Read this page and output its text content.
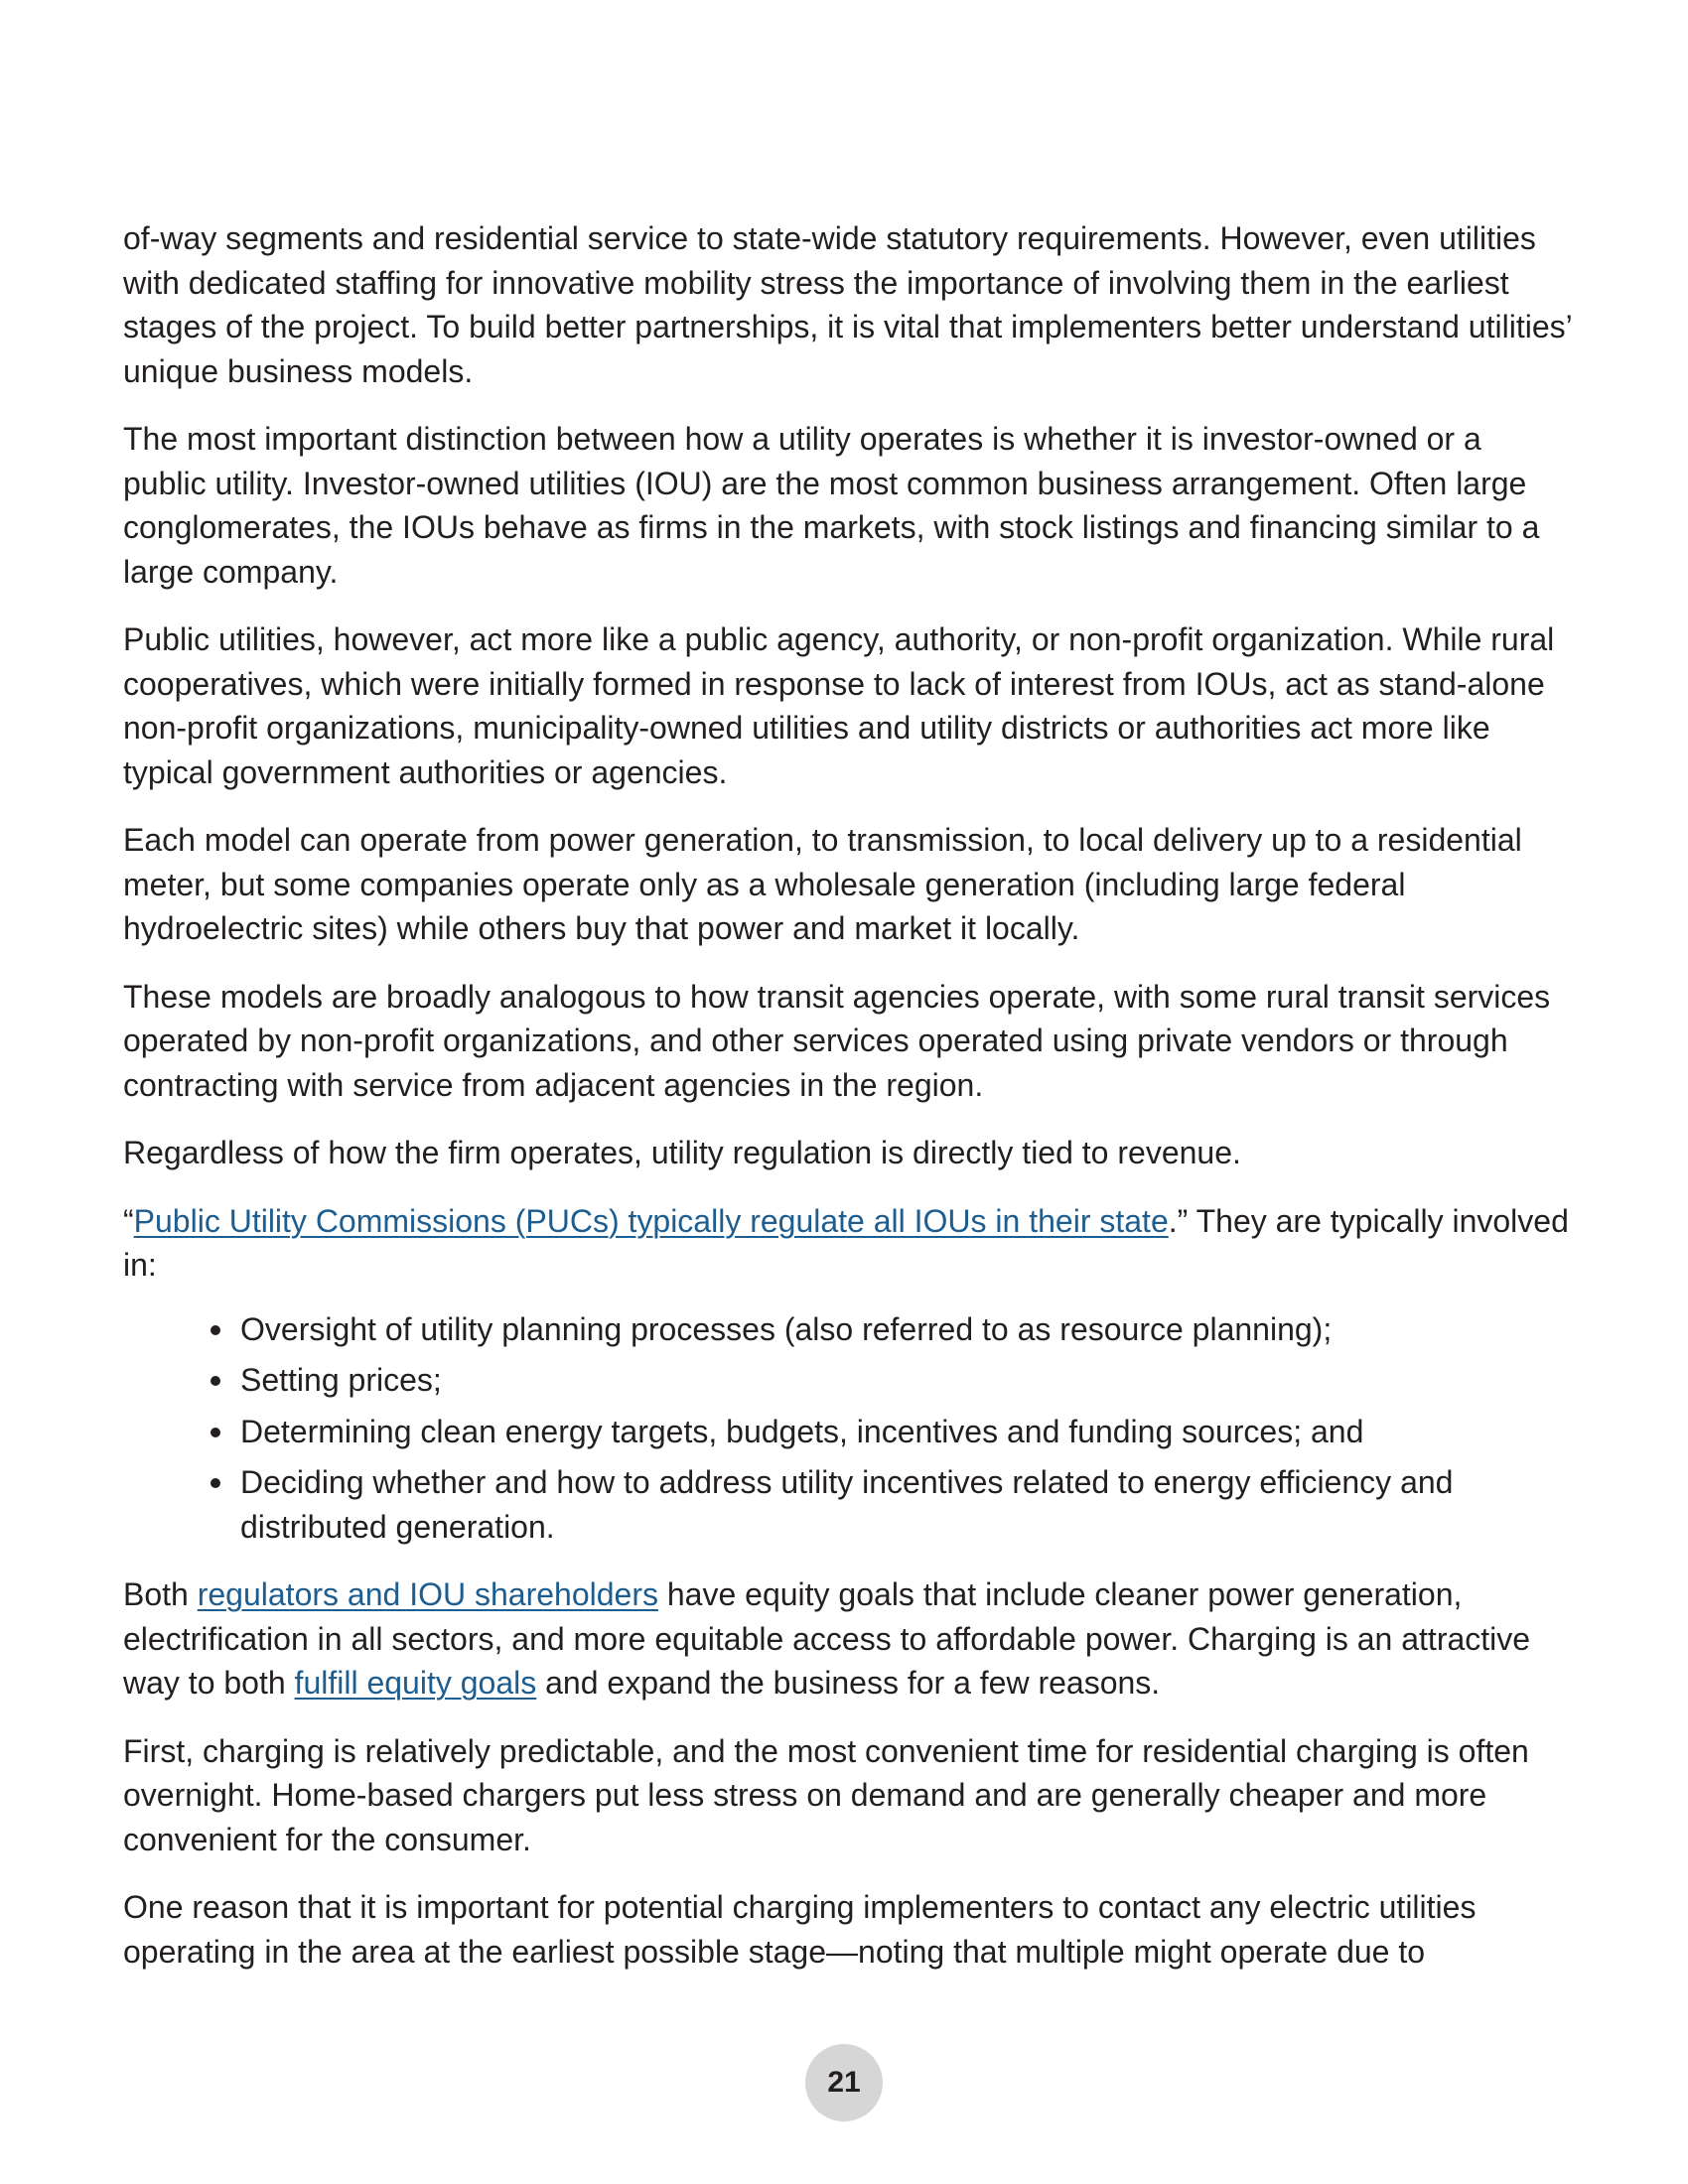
of-way segments and residential service to state-wide statutory requirements. However, even utilities with dedicated staffing for innovative mobility stress the importance of involving them in the earliest stages of the project. To build better partnerships, it is vital that implementers better understand utilities’ unique business models.

The most important distinction between how a utility operates is whether it is investor-owned or a public utility. Investor-owned utilities (IOU) are the most common business arrangement. Often large conglomerates, the IOUs behave as firms in the markets, with stock listings and financing similar to a large company.

Public utilities, however, act more like a public agency, authority, or non-profit organization. While rural cooperatives, which were initially formed in response to lack of interest from IOUs, act as stand-alone non-profit organizations, municipality-owned utilities and utility districts or authorities act more like typical government authorities or agencies.

Each model can operate from power generation, to transmission, to local delivery up to a residential meter, but some companies operate only as a wholesale generation (including large federal hydroelectric sites) while others buy that power and market it locally.

These models are broadly analogous to how transit agencies operate, with some rural transit services operated by non-profit organizations, and other services operated using private vendors or through contracting with service from adjacent agencies in the region.

Regardless of how the firm operates, utility regulation is directly tied to revenue.

“Public Utility Commissions (PUCs) typically regulate all IOUs in their state.” They are typically involved in:

Oversight of utility planning processes (also referred to as resource planning);
Setting prices;
Determining clean energy targets, budgets, incentives and funding sources; and
Deciding whether and how to address utility incentives related to energy efficiency and distributed generation.

Both regulators and IOU shareholders have equity goals that include cleaner power generation, electrification in all sectors, and more equitable access to affordable power. Charging is an attractive way to both fulfill equity goals and expand the business for a few reasons.

First, charging is relatively predictable, and the most convenient time for residential charging is often overnight. Home-based chargers put less stress on demand and are generally cheaper and more convenient for the consumer.

One reason that it is important for potential charging implementers to contact any electric utilities operating in the area at the earliest possible stage—noting that multiple might operate due to

21
